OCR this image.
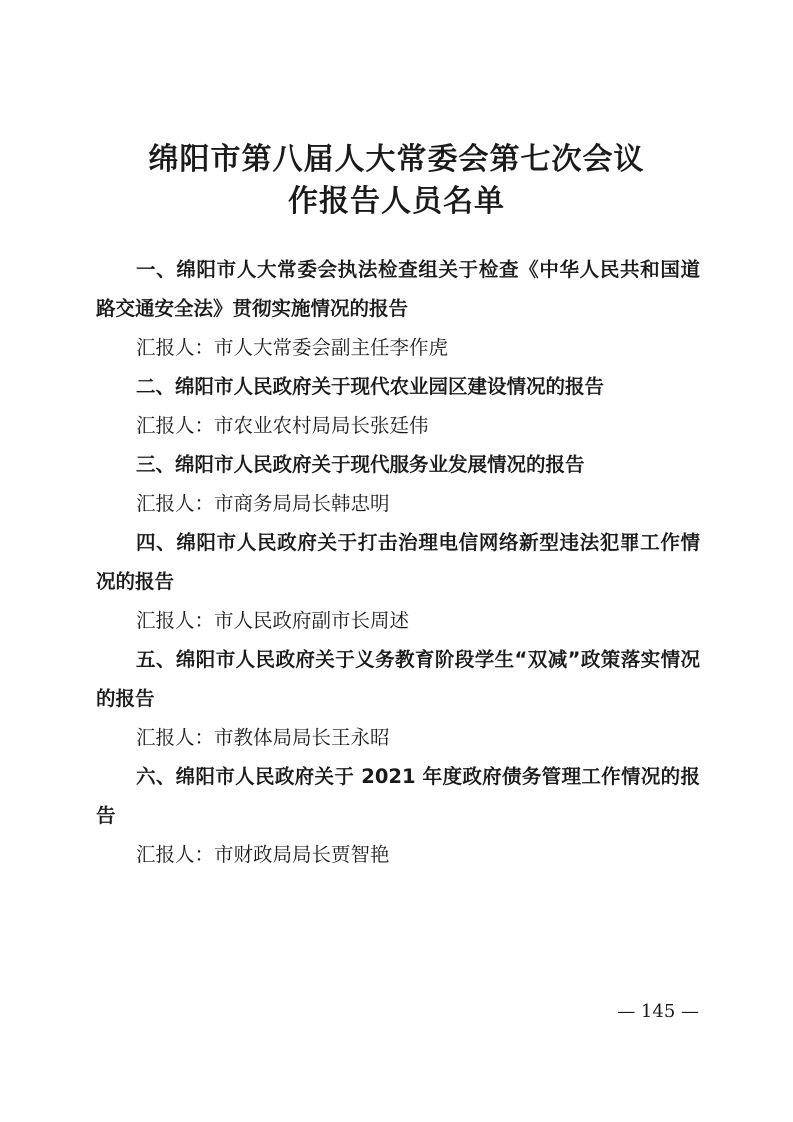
绵阳市第八届人大常委会第七次会议
作报告人员名单

一、绵阳市人大常委会执法检查组关于检查《中华人民共和国道路交通安全法》贯彻实施情况的报告

汇报人：市人大常委会副主任李作虎

二、绵阳市人民政府关于现代农业园区建设情况的报告

汇报人：市农业农村局局长张廷伟

三、绵阳市人民政府关于现代服务业发展情况的报告

汇报人：市商务局局长韩忠明

四、绵阳市人民政府关于打击治理电信网络新型违法犯罪工作情况的报告

汇报人：市人民政府副市长周述

五、绵阳市人民政府关于义务教育阶段学生“双减”政策落实情况的报告

汇报人：市教体局局长王永昭

六、绵阳市人民政府关于 2021 年度政府债务管理工作情况的报告

汇报人：市财政局局长贾智艳

— 145 —
